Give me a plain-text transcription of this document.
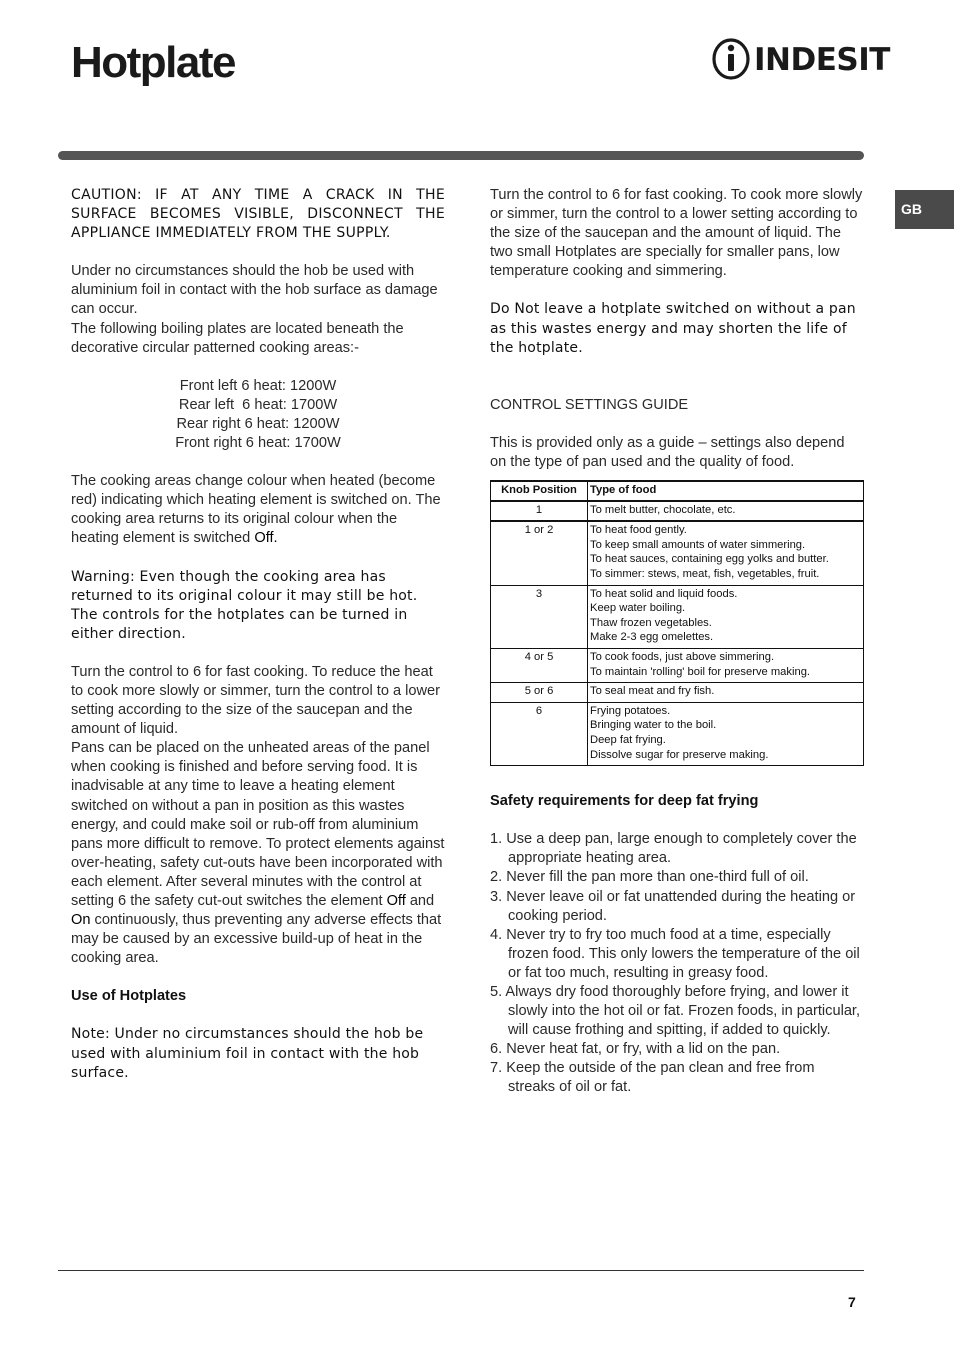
Hotplate	INDESIT
GB

CAUTION: IF AT ANY TIME A CRACK IN THE SURFACE BECOMES VISIBLE, DISCONNECT THE APPLIANCE IMMEDIATELY FROM THE SUPPLY.

Under no circumstances should the hob be used with aluminium foil in contact with the hob surface as damage can occur.
The following boiling plates are located beneath the decorative circular patterned cooking areas:-

Front left 6 heat: 1200W
Rear left  6 heat: 1700W
Rear right 6 heat: 1200W
Front right 6 heat: 1700W

The cooking areas change colour when heated (become red) indicating which heating element is switched on. The cooking area returns to its original colour when the heating element is switched Off.

Warning: Even though the cooking area has returned to its original colour it may still be hot. The controls for the hotplates can be turned in either direction.

Turn the control to 6 for fast cooking. To reduce the heat to cook more slowly or simmer, turn the control to a lower setting according to the size of the saucepan and the amount of liquid.
Pans can be placed on the unheated areas of the panel when cooking is finished and before serving food. It is inadvisable at any time to leave a heating element switched on without a pan in position as this wastes energy, and could make soil or rub-off from aluminium pans more difficult to remove. To protect elements against over-heating, safety cut-outs have been incorporated with each element. After several minutes with the control at setting 6 the safety cut-out switches the element Off and On continuously, thus preventing any adverse effects that may be caused by an excessive build-up of heat in the cooking area.

Use of Hotplates

Note: Under no circumstances should the hob be used with aluminium foil in contact with the hob surface.

Turn the control to 6 for fast cooking. To cook more slowly or simmer, turn the control to a lower setting according to the size of the saucepan and the amount of liquid. The two small Hotplates are specially for smaller pans, low temperature cooking and simmering.

Do Not leave a hotplate switched on without a pan as this wastes energy and may shorten the life of the hotplate.

CONTROL SETTINGS GUIDE

This is provided only as a guide – settings also depend on the type of pan used and the quality of food.

Knob Position	Type of food
1	To melt butter, chocolate, etc.

1 or 2	To heat food gently.
To keep small amounts of water simmering.
To heat sauces, containing egg yolks and butter.
To simmer: stews, meat, fish, vegetables, fruit.

3	To heat solid and liquid foods.
Keep water boiling.
Thaw frozen vegetables.
Make 2-3 egg omelettes.

4 or 5	To cook foods, just above simmering.
To maintain 'rolling' boil for preserve making.

5 or 6	To seal meat and fry fish.

6	Frying potatoes.
Bringing water to the boil.
Deep fat frying.
Dissolve sugar for preserve making.

Safety requirements for deep fat frying

1. Use a deep pan, large enough to completely cover the appropriate heating area.
2. Never fill the pan more than one-third full of oil.
3. Never leave oil or fat unattended during the heating or cooking period.
4. Never try to fry too much food at a time, especially frozen food. This only lowers the temperature of the oil or fat too much, resulting in greasy food.
5. Always dry food thoroughly before frying, and lower it slowly into the hot oil or fat. Frozen foods, in particular, will cause frothing and spitting, if added to quickly.
6. Never heat fat, or fry, with a lid on the pan.
7. Keep the outside of the pan clean and free from streaks of oil or fat.
7
